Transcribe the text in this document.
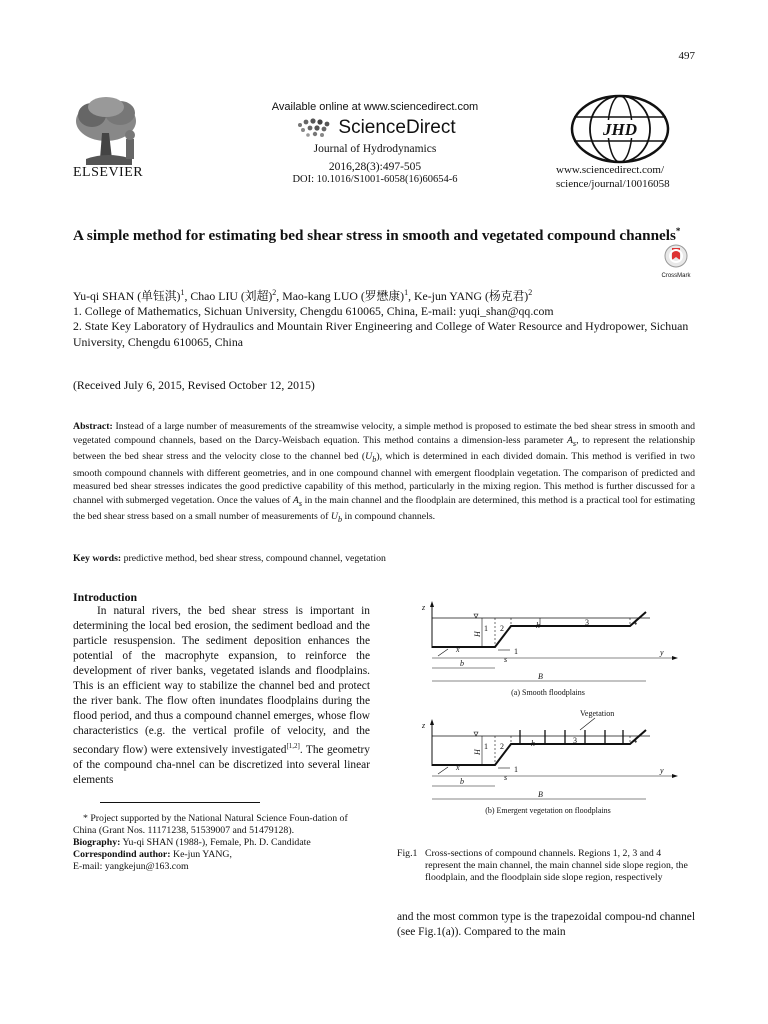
497
ELSEVIER
Available online at www.sciencedirect.com
ScienceDirect
Journal of Hydrodynamics
2016,28(3):497-505
DOI: 10.1016/S1001-6058(16)60654-6
JHD
www.sciencedirect.com/
science/journal/10016058
A simple method for estimating bed shear stress in smooth and vegetated compound channels*
CrossMark
Yu-qi SHAN (单钰淇)$^1$, Chao LIU (刘超)$^2$, Mao-kang LUO (罗懋康)$^1$, Ke-jun YANG (杨克君)$^2$
1. College of Mathematics, Sichuan University, Chengdu 610065, China, E-mail: yuqi_shan@qq.com
2. State Key Laboratory of Hydraulics and Mountain River Engineering and College of Water Resource and Hydropower, Sichuan University, Chengdu 610065, China
(Received July 6, 2015, Revised October 12, 2015)
Abstract: Instead of a large number of measurements of the streamwise velocity, a simple method is proposed to estimate the bed shear stress in smooth and vegetated compound channels, based on the Darcy-Weisbach equation. This method contains a dimension-less parameter $A_s$, to represent the relationship between the bed shear stress and the velocity close to the channel bed $(U_b)$, which is determined in each divided domain. This method is verified in two smooth compound channels with different geometries, and in one compound channel with emergent floodplain vegetation. The comparison of predicted and measured bed shear stresses indicates the good predictive capability of this method, particularly in the mixing region. This method is further discussed for a channel with submerged vegetation. Once the values of $A_s$ in the main channel and the floodplain are determined, this method is a practical tool for estimating the bed shear stress based on a small number of measurements of $U_b$ in compound channels.
Key words: predictive method, bed shear stress, compound channel, vegetation
Introduction
In natural rivers, the bed shear stress is important in determining the local bed erosion, the sediment bedload and the particle resuspension. The sediment deposition enhances the potential of the macrophyte expansion, to reinforce the development of river banks, vegetated islands and floodplains. This is an efficient way to stabilize the channel bed and protect the river bank. The flow often inundates floodplains during the flood period, and thus a compound channel emerges, whose flow characteristics (e.g. the vertical profile of velocity, and the secondary flow) were extensively investigated[1,2]. The geometry of the compound cha-nnel can be discretized into several linear elements

* Project supported by the National Natural Science Foun-dation of China (Grant Nos. 11171238, 51539007 and 51479128).

Biography: Yu-qi SHAN (1988-), Female, Ph. D. Candidate

Correspondind author: Ke-jun YANG,

E-mail: yangkejun@163.com

z
x
H
1 2	h	3	4
1
s
y
b
B
(a) Smooth floodplains
Vegetation
z
x
H
1 2	h	3	4
1
s
y
b
B
(b) Emergent vegetation on floodplains
Fig.1 Cross-sections of compound channels. Regions 1, 2, 3 and 4 represent the main channel, the main channel side slope region, the floodplain, and the floodplain side slope region, respectively
and the most common type is the trapezoidal compou-nd channel (see Fig.1(a)). Compared to the main
